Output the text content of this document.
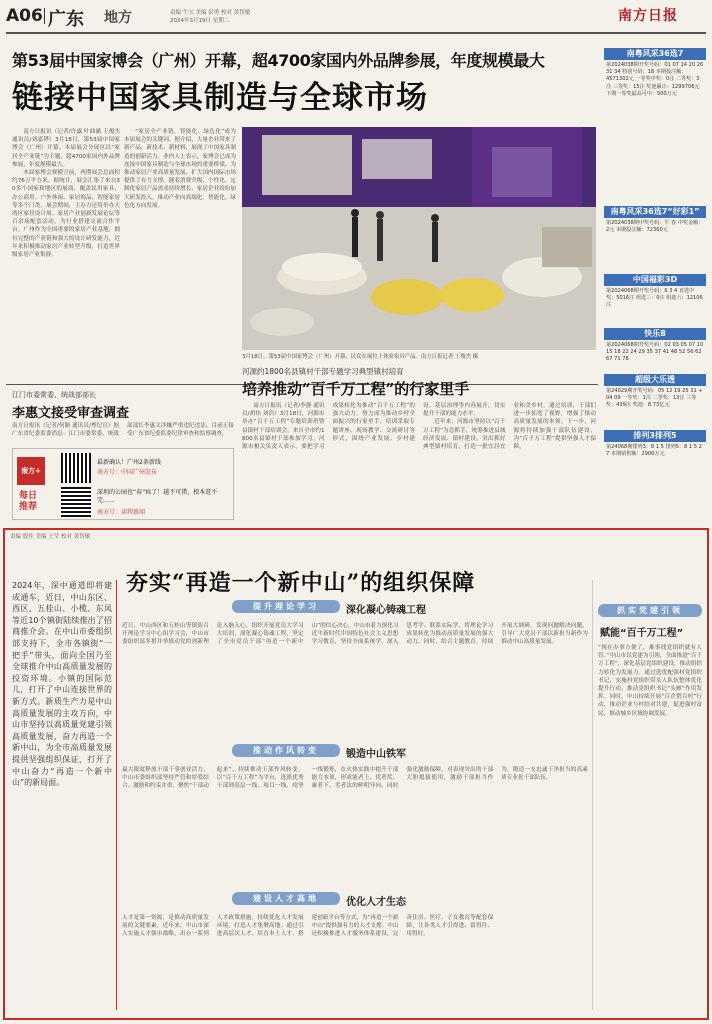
A06 广东 地方	责编 牛宝 美编 彭勇 校对 黄智敏
2024年3月19日 星期二	南方日报
第53届中国家博会（广州）开幕，超4700家国内外品牌参展，年度规模最大
链接中国家具制造与全球市场

南方日报讯（记者/许露 叶曲涵 王俊杰 通讯员/刘嘉铧）3月18日，第53届中国家博会（广州）开幕。本届展会分展区以“家居全产业链”为主题，超4700家国内外品牌参展，年度规模最大。

本届家博会规模空前，两期展会总面积约76万平方米。据统计，展会汇集了来自30多个国家和地区的展商，覆盖民用家具、办公商用、户外休闲、家居饰品、智能家居等多个门类。展会期间，主办方还将举办大湾区家居设计周、家居产业创新发展论坛等百余场配套活动，为行业搭建交流合作平台。广州作为全国重要的家居产业基地，拥有完整的产业链和强大的设计研发能力，近年来积极推动家居产业转型升级，打造世界级家居产业集群。

“家居全产业链，智能化、绿色化”成为本届展会的关键词。据介绍，大量企业带来了新产品、新技术、新材料，展现了中国家具制造的创新活力。业内人士表示，家博会已成为连接中国家具制造与全球市场的重要桥梁，为推动家居产业高质量发展、扩大国内国际市场提供了有力支撑。随着消费升级，个性化、定制化家居产品需求持续增长，家居企业纷纷加大研发投入，推动产业向高端化、智能化、绿色化方向发展。

3月18日，第53届中国家博会（广州）开幕，民众在展位上体验家具产品。南方日报记者 王俊杰 摄
南粤风采36选7
第2024038期开奖号码：01 07 14 20 26 31 34 特别号码：18 本期投注额：4571302元 一等奖中奖：0注 二等奖：3注 三等奖：15注 奖池累计：1299706元 下期一等奖最高可中：500万元
南粤风采36选7“好彩1”
第2024038期中奖号码：牛 春 中奖金额：2元 本期投注额：72360元
中国福彩3D
第2024068期开奖号码：6 3 4 直选中奖：5016注 组选三：0注 组选六：12106注
快乐8
第2024068期开奖号码：02 03 05 07 10 15 18 22 24 29 35 37 41 48 52 56 62 67 71 78
超级大乐透
第24029期开奖号码：05 12 19 25 31 + 04 09 一等奖：1注 二等奖：13注 三等奖：439注 奖池：8.73亿元
排列3排列5
第24068期排列3：8 1 5 排列5：8 1 5 2 7 本期销售额：2900万元
江门市委常委、统战部部长
李惠文接受审查调查
南方日报讯（记者/何颖 通讯员/粤纪宣）据广东省纪委监委消息：江门市委常委、统战部部长李惠文涉嫌严重违纪违法，目前正接受广东省纪委监委纪律审查和监察调查。
南方+
每日推荐
最新确认！广州2条新线
南方号：中国广州发布
深圳的公园也“春”疯了！越不可错，根本逛不完……
南方号：读特新闻
河源约1800名县镇村干部专题学习典型镇村培育
培养推动“百千万工程”的行家里手

南方日报讯（记者/李静 通讯员/胡伟 刘浩）3月18日，河源市举办“百千万工程”专题培训班暨县镇村干部培训会，来自全市约1800名县镇村干部参加学习。河源市相关负责人表示，要把学习成果转化为推动“百千万工程”的强大动力，努力成为推动乡村全面振兴的行家里手。培训采取专题讲座、现场教学、交流研讨等形式，围绕产业发展、乡村建设、基层治理等内容展开，切实提升干部的能力水平。

近年来，河源市坚持以“百千万工程”为总抓手，统筹推进县域经济发展、镇村建设，突出抓好典型镇村培育，打造一批宜居宜业和美乡村。通过培训，干部们进一步拓宽了视野，增强了推动高质量发展的本领。下一步，河源将持续加强干部队伍建设，为“百千万工程”提供坚强人才保障。

责编 殷佳 美编 王莹 校对 黄智敏
夯实“再造一个新中山”的组织保障
2024年，深中通道即将建成通车，近日，中山东区、西区、五桂山、小榄、东凤等近10个镇街陆续推出了招商推介会。在中山市委组织部支持下，全市各镇街“一把手”带头，面向全国乃至全球推介中山高质量发展的投资环境。小镇的国际范儿，打开了中山连接世界的新方式。新质生产力是中山高质量发展的主攻方向，中山市坚持以高质量党建引领高质量发展，奋力再造一个新中山，为全市高质量发展提供坚强组织保证，打开了中山奋力“再造一个新中山”的新局面。
提升理论学习	深化凝心铸魂工程
近日，中山西区和五桂山等镇街召开理论学习中心组学习会，中山市委组织部多措并举推动党的创新理论入脑入心，组织开展党员大学习大培训，深化凝心铸魂工程，坚定了全市党员干部“再造一个新中山”的信心决心。中山市着力深化习近平新时代中国特色社会主义思想学习教育，坚持全面系统学、深入思考学、联系实际学，将理论学习成果转化为推动高质量发展的强大动力。同时，结合主题教育，持续开展大调研，发现问题解决问题，引导广大党员干部以新担当新作为推动中山高质量发展。
推动作风转变	锻造中山铁军
最大限度释放干部干事创业活力，中山市委组织部坚持严管和厚爱结合、激励和约束并重，聚焦“干部动起来”，持续推动干部作风转变。以“百千万工程”为平台，选派优秀干部到基层一线、项目一线、攻坚一线锻炼，在火热实践中提升干部能力本领，形成能者上、优者奖、庸者下、劣者汰的鲜明导向。同时强化激励保障，对表现突出的干部大胆提拔使用，激励干部担当作为，锻造一支忠诚干净担当的高素质专业化干部队伍。
建设人才高地	优化人才生态
人才是第一资源，是推动高质量发展的关键要素。近年来，中山市深入实施人才强市战略，出台一系列人才政策措施，持续优化人才发展环境，打造人才集聚高地。通过引进高层次人才、培育本土人才、搭建创新平台等方式，为“再造一个新中山”提供强有力的人才支撑。中山还积极推进人才服务体系建设，完善住房、医疗、子女教育等配套保障，让各类人才引得进、留得住、用得好。
抓实党建引领
赋能“百千万工程”
“现在办事方便了，难事找党组织就有人管。”中山市以党建为引领，全面推进“百千万工程”，深化基层党组织建设，推动组织力转化为发展力。通过选优配强村党组织书记，实施村党组织带头人队伍整体优化提升行动，推动党组织书记“头雁”作用发挥。同时，中山持续开展“百企帮百村”行动，推动企业与村结对共建，促进强村富民，推动城乡区域协调发展。
